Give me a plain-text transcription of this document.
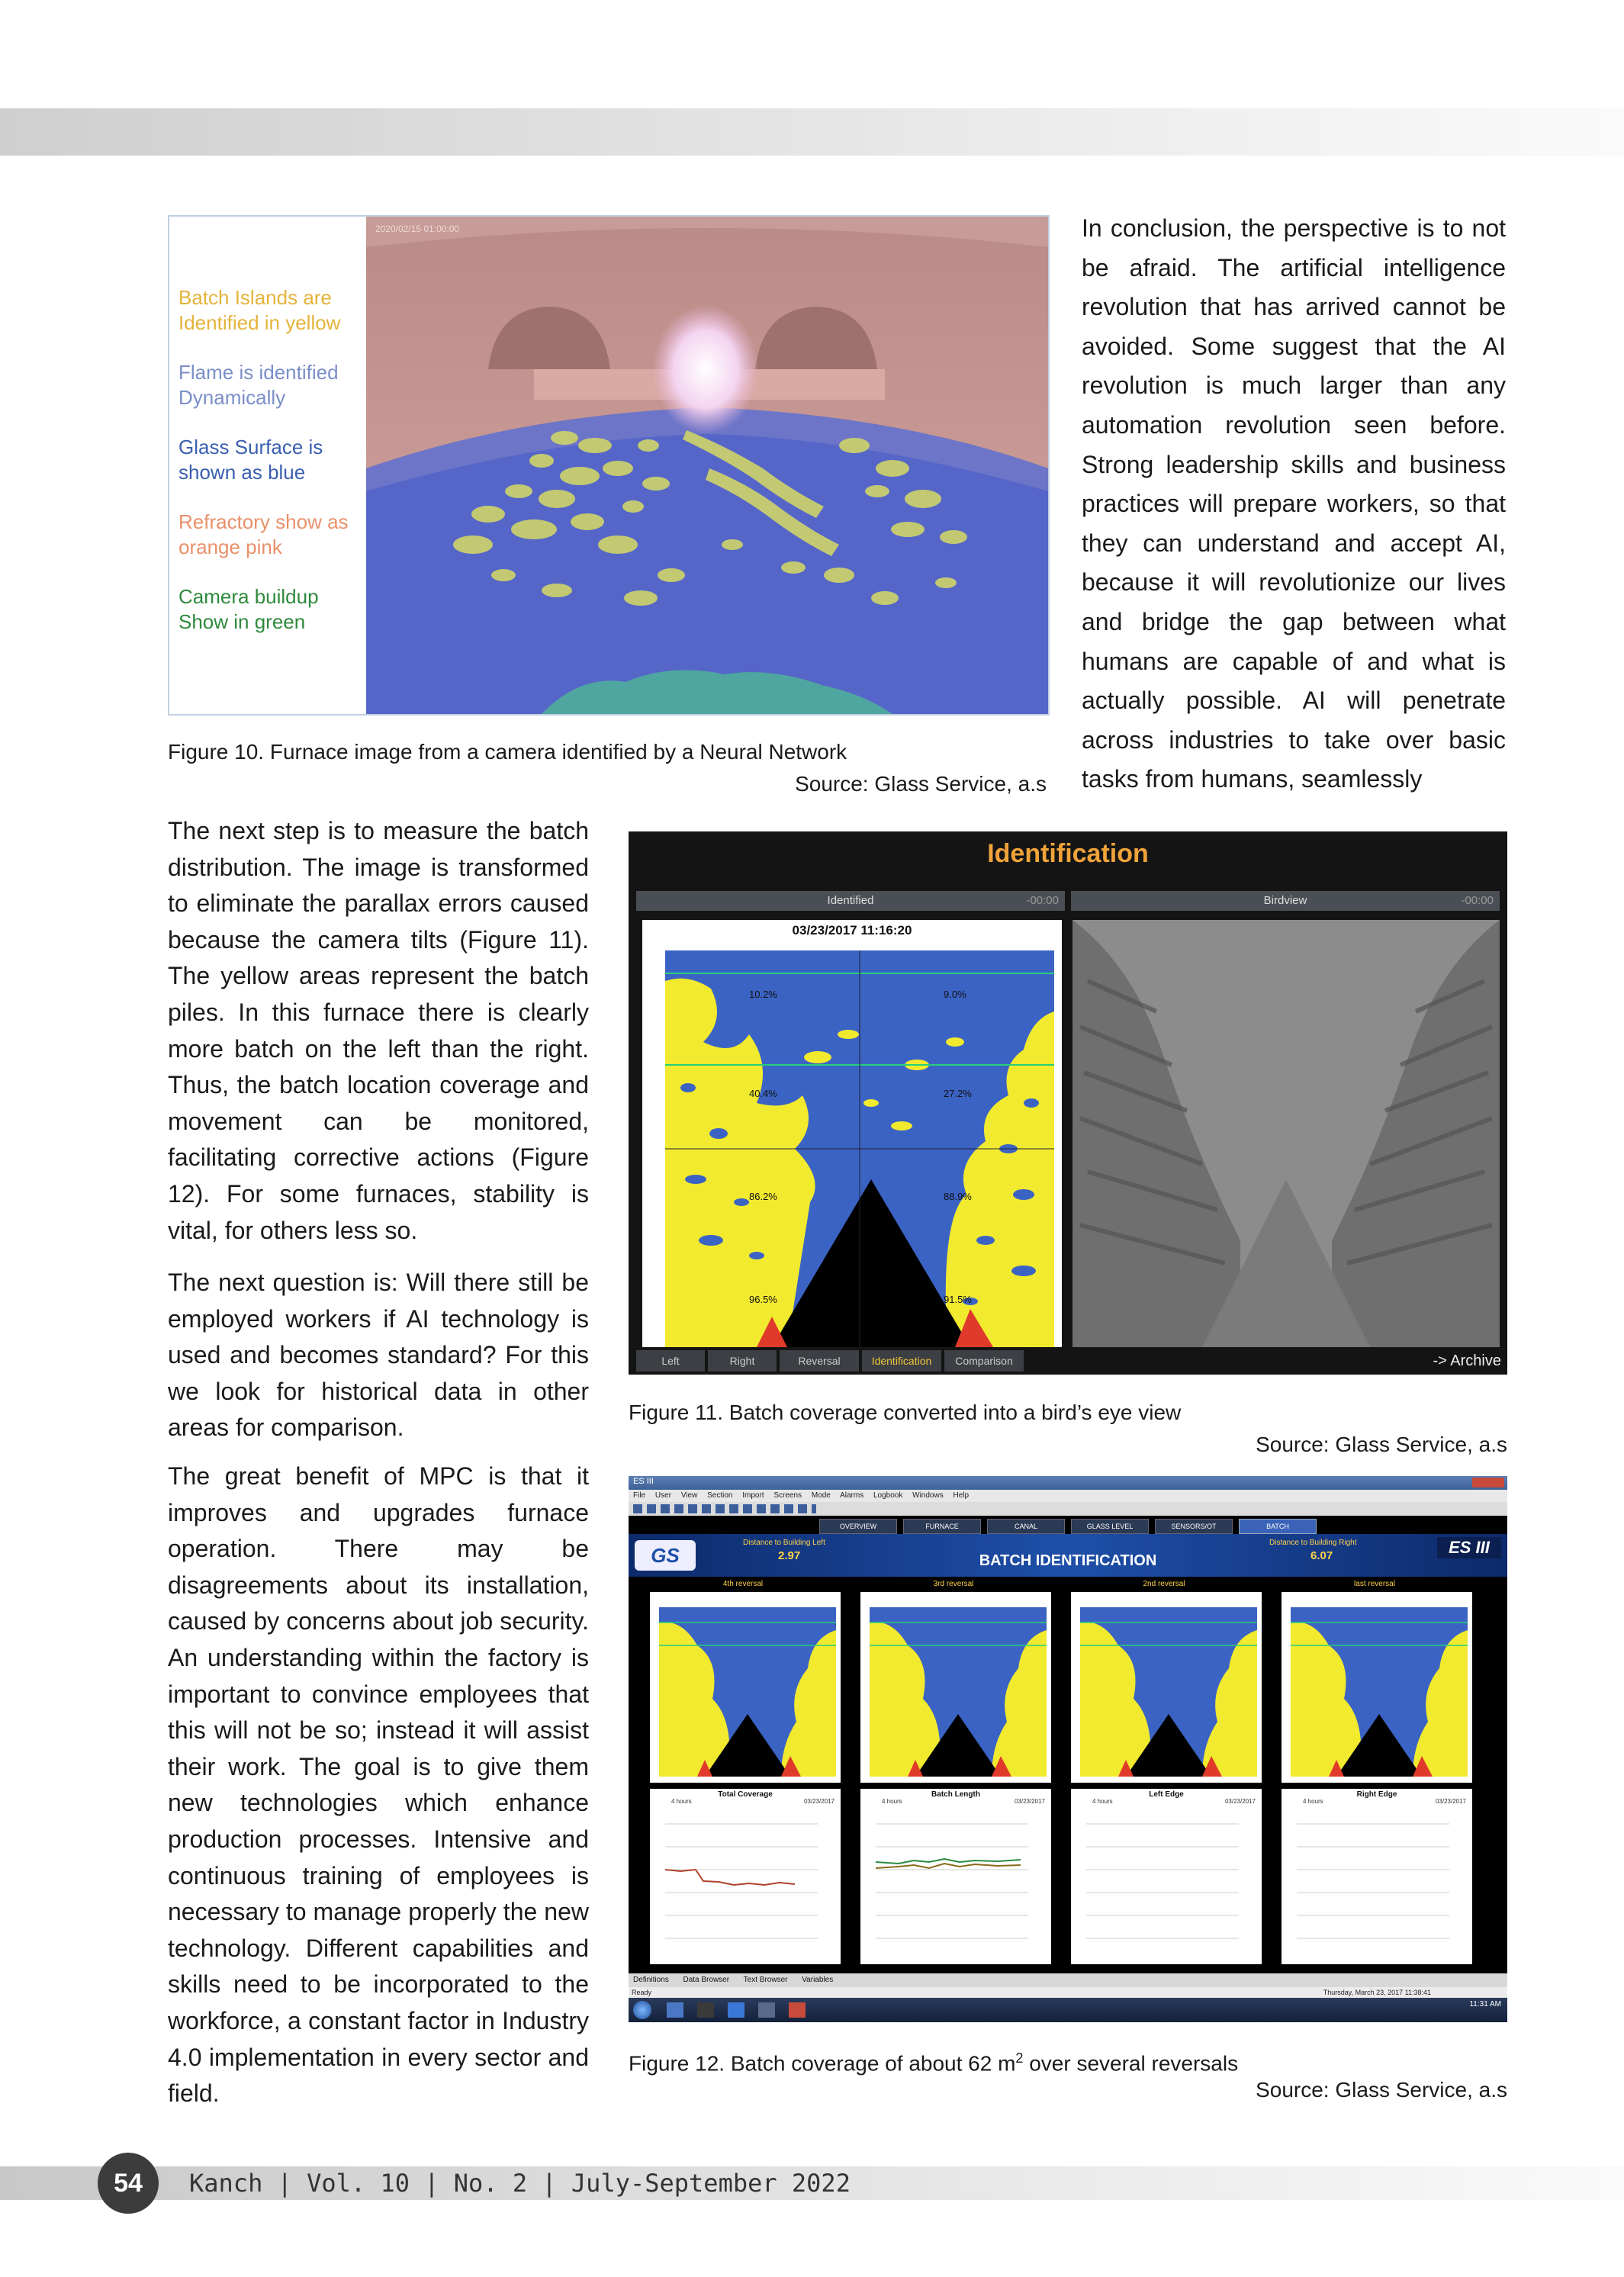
Batch Islands are Identified in yellow
Flame is identified Dynamically
Glass Surface is shown as blue
Refractory show as orange pink
Camera buildup Show in green
2020/02/15 01:00:00
Figure 10. Furnace image from a camera identified by a Neural Network
Source: Glass Service, a.s

In conclusion, the perspective is to not be afraid. The artificial intelligence revolution that has arrived cannot be avoided. Some suggest that the AI revolution is much larger than any automation revolution seen before. Strong leadership skills and business practices will prepare workers, so that they can understand and accept AI, because it will revolutionize our lives and bridge the gap between what humans are capable of and what is actually possible. AI will penetrate across industries to take over basic tasks from humans, seamlessly

The next step is to measure the batch distribution. The image is transformed to eliminate the parallax errors caused because the camera tilts (Figure 11). The yellow areas represent the batch piles. In this furnace there is clearly more batch on the left than the right. Thus, the batch location coverage and movement can be monitored, facilitating corrective actions (Figure 12). For some furnaces, stability is vital, for others less so.

The next question is: Will there still be employed workers if AI technology is used and becomes standard? For this we look for historical data in other areas for comparison.

The great benefit of MPC is that it improves and upgrades furnace operation. There may be disagreements about its installation, caused by concerns about job security. An understanding within the factory is important to convince employees that this will not be so; instead it will assist their work. The goal is to give them new technologies which enhance production processes. Intensive and continuous training of employees is necessary to manage properly the new technology. Different capabilities and skills need to be incorporated to the workforce, a constant factor in Industry 4.0 implementation in every sector and field.

Identification
Identified	-00:00	Birdview	-00:00
03/23/2017 11:16:20
10.2%	9.0%
40.4%	27.2%
86.2%	88.9%
96.5%	91.5%
Left	Right	Reversal	Identification	Comparison	-> Archive
Figure 11. Batch coverage converted into a bird’s eye view
Source: Glass Service, a.s
ES III
File User View Section Import Screens Mode Alarms Logbook Windows Help
OVERVIEW	FURNACE	CANAL	GLASS LEVEL	SENSORS/OT	BATCH
GS
Distance to Building Left
2.97	BATCH IDENTIFICATION
Distance to Building Right
6.07	ES III
4th reversal	3rd reversal	2nd reversal	last reversal
Total Coverage
4 hours	03/23/2017
Batch Length
4 hours	03/23/2017
Left Edge
4 hours	03/23/2017
Right Edge
4 hours	03/23/2017
Definitions Data Browser Text Browser Variables
Ready	Thursday, March 23, 2017 11:38:41
11:31 AM
Figure 12. Batch coverage of about 62 $m^2$ over several reversals
Source: Glass Service, a.s
54	Kanch | Vol. 10 | No. 2 | July-September 2022
